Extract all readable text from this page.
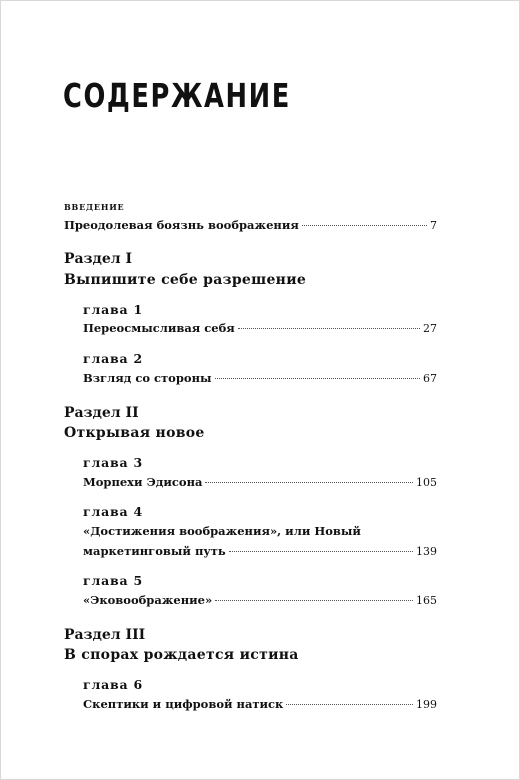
СОДЕРЖАНИЕ
введение
Преодолевая боязнь воображения	7
Раздел I
Выпишите себе разрешение
глава 1
Переосмысливая себя	27
глава 2
Взгляд со стороны	67
Раздел II
Открывая новое
глава 3
Морпехи Эдисона	105
глава 4
«Достижения воображения», или Новый
маркетинговый путь	139
глава 5
«Эковоображение»	165
Раздел III
В спорах рождается истина
глава 6
Скептики и цифровой натиск	199
